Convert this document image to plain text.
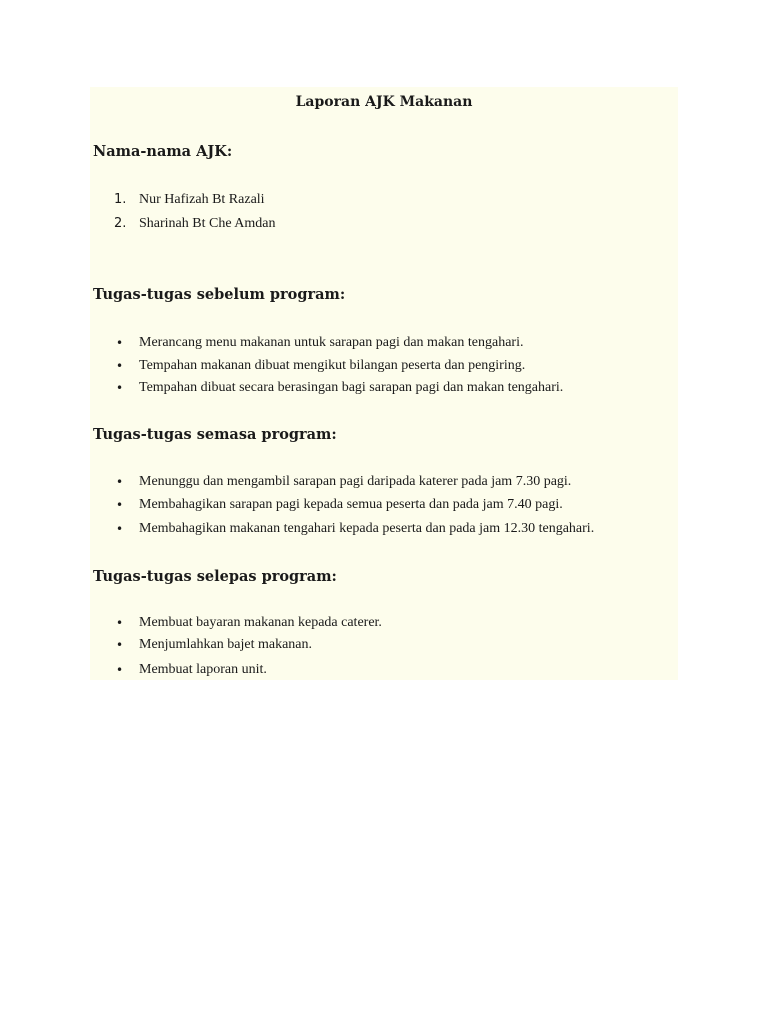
Laporan AJK Makanan
Nama-nama AJK:
1. Nur Hafizah Bt Razali
2. Sharinah Bt Che Amdan
Tugas-tugas sebelum program:
•	Merancang menu makanan untuk sarapan pagi dan makan tengahari.
•	Tempahan makanan dibuat mengikut bilangan peserta dan pengiring.
•	Tempahan dibuat secara berasingan bagi sarapan pagi dan makan tengahari.
Tugas-tugas semasa program:
•	Menunggu dan mengambil sarapan pagi daripada katerer pada jam 7.30 pagi.
•	Membahagikan sarapan pagi kepada semua peserta dan pada jam 7.40 pagi.
•	Membahagikan makanan tengahari kepada peserta dan pada jam 12.30 tengahari.
Tugas-tugas selepas program:
•	Membuat bayaran makanan kepada caterer.
•	Menjumlahkan bajet makanan.
•	Membuat laporan unit.
